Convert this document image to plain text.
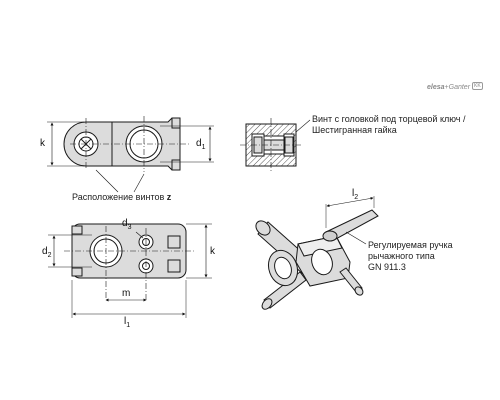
elesa+Ganter KK
k	$d_1$
Расположение винтов z
$d_3$
$d_2$	k
m
$l_1$
Винт с головкой под торцевой ключ /
Шестигранная гайка
$l_2$
Регулируемая ручка
рычажного типа
GN 911.3
